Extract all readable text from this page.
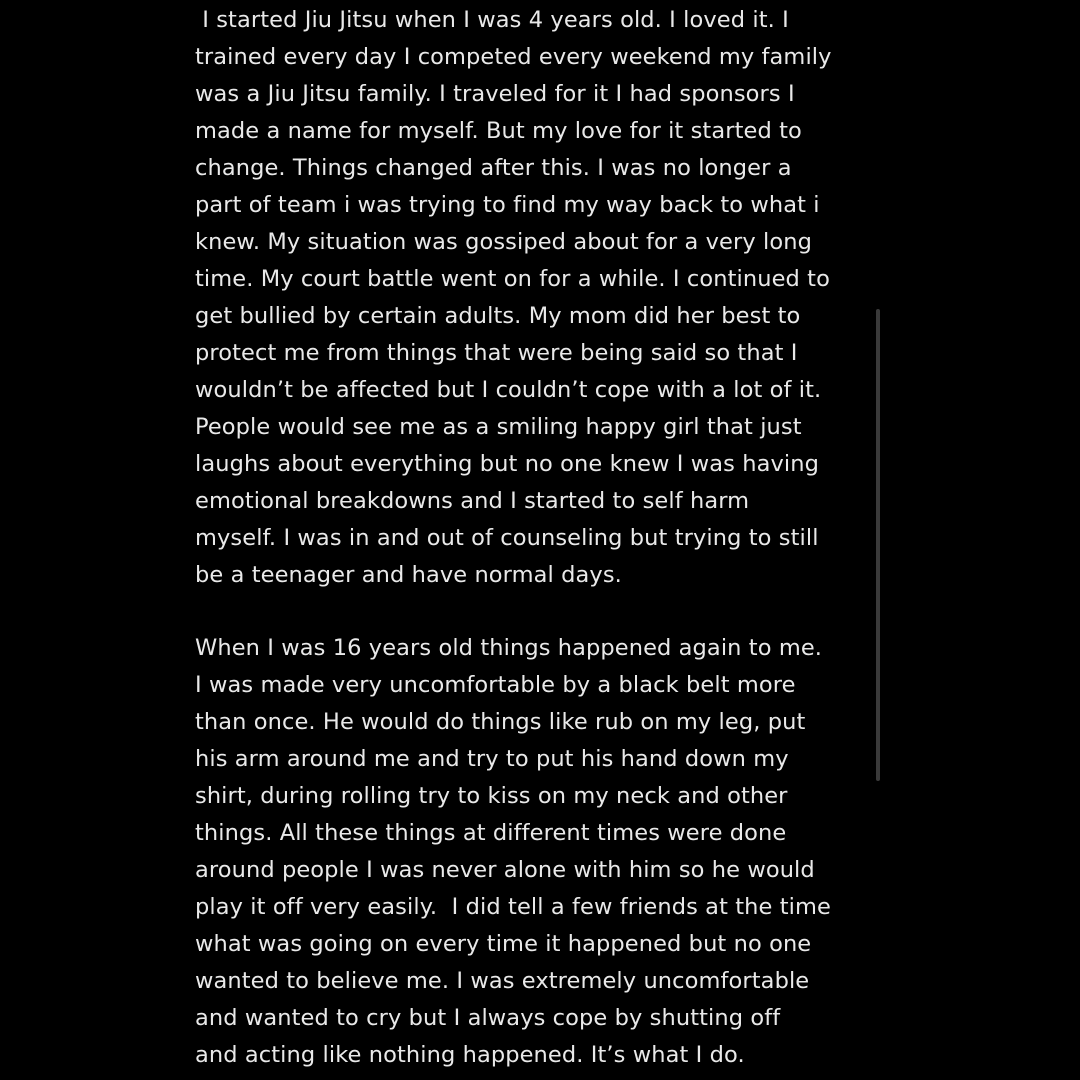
I started Jiu Jitsu when I was 4 years old. I loved it. I
trained every day I competed every weekend my family
was a Jiu Jitsu family. I traveled for it I had sponsors I
made a name for myself. But my love for it started to
change. Things changed after this. I was no longer a
part of team i was trying to find my way back to what i
knew. My situation was gossiped about for a very long
time. My court battle went on for a while. I continued to
get bullied by certain adults. My mom did her best to
protect me from things that were being said so that I
wouldn’t be affected but I couldn’t cope with a lot of it.
People would see me as a smiling happy girl that just
laughs about everything but no one knew I was having
emotional breakdowns and I started to self harm
myself. I was in and out of counseling but trying to still
be a teenager and have normal days.
When I was 16 years old things happened again to me.
I was made very uncomfortable by a black belt more
than once. He would do things like rub on my leg, put
his arm around me and try to put his hand down my
shirt, during rolling try to kiss on my neck and other
things. All these things at different times were done
around people I was never alone with him so he would
play it off very easily.  I did tell a few friends at the time
what was going on every time it happened but no one
wanted to believe me. I was extremely uncomfortable
and wanted to cry but I always cope by shutting off
and acting like nothing happened. It’s what I do.
